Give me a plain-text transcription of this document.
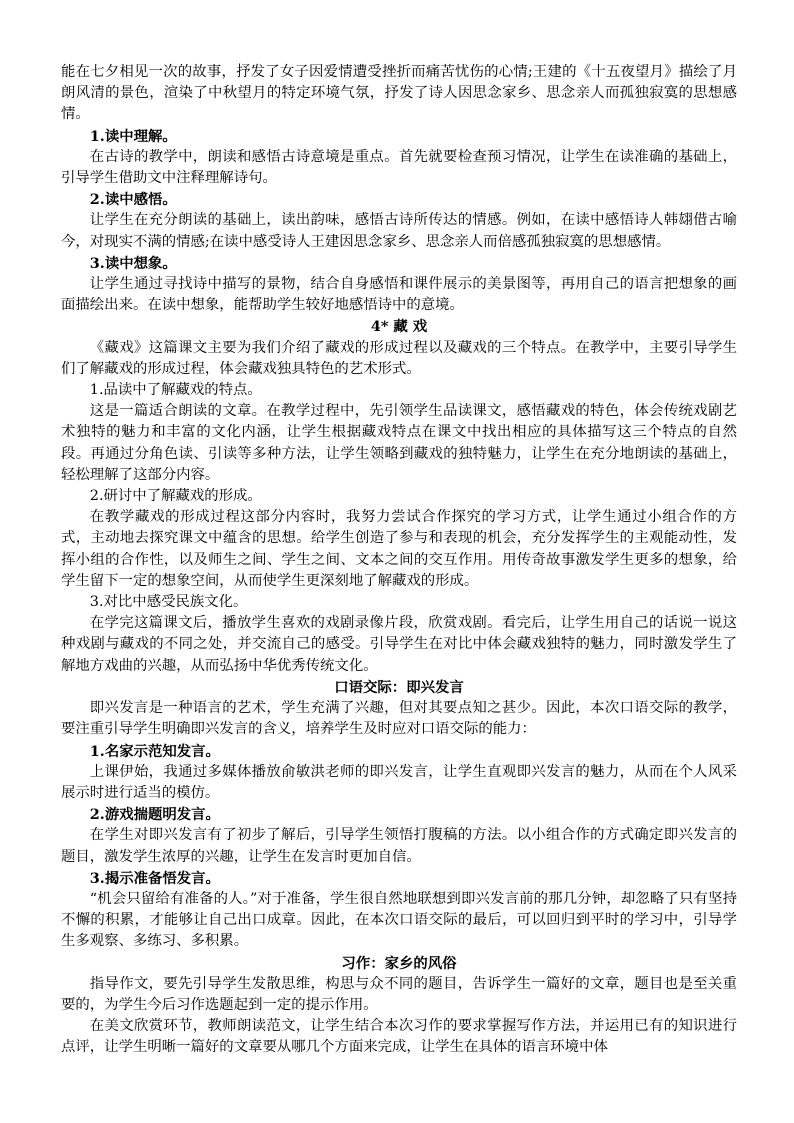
能在七夕相见一次的故事，抒发了女子因爱情遭受挫折而痛苦忧伤的心情;王建的《十五夜望月》描绘了月朗风清的景色，渲染了中秋望月的特定环境气氛，抒发了诗人因思念家乡、思念亲人而孤独寂寞的思想感情。

1.读中理解。

在古诗的教学中，朗读和感悟古诗意境是重点。首先就要检查预习情况，让学生在读准确的基础上，引导学生借助文中注释理解诗句。

2.读中感悟。

让学生在充分朗读的基础上，读出韵味，感悟古诗所传达的情感。例如，在读中感悟诗人韩翃借古喻今，对现实不满的情感;在读中感受诗人王建因思念家乡、思念亲人而倍感孤独寂寞的思想感情。

3.读中想象。

让学生通过寻找诗中描写的景物，结合自身感悟和课件展示的美景图等，再用自己的语言把想象的画面描绘出来。在读中想象，能帮助学生较好地感悟诗中的意境。

4* 藏 戏

《藏戏》这篇课文主要为我们介绍了藏戏的形成过程以及藏戏的三个特点。在教学中，主要引导学生们了解藏戏的形成过程，体会藏戏独具特色的艺术形式。

1.品读中了解藏戏的特点。

这是一篇适合朗读的文章。在教学过程中，先引领学生品读课文，感悟藏戏的特色，体会传统戏剧艺术独特的魅力和丰富的文化内涵，让学生根据藏戏特点在课文中找出相应的具体描写这三个特点的自然段。再通过分角色读、引读等多种方法，让学生领略到藏戏的独特魅力，让学生在充分地朗读的基础上，轻松理解了这部分内容。

2.研讨中了解藏戏的形成。

在教学藏戏的形成过程这部分内容时，我努力尝试合作探究的学习方式，让学生通过小组合作的方式，主动地去探究课文中蕴含的思想。给学生创造了参与和表现的机会，充分发挥学生的主观能动性，发挥小组的合作性，以及师生之间、学生之间、文本之间的交互作用。用传奇故事激发学生更多的想象，给学生留下一定的想象空间，从而使学生更深刻地了解藏戏的形成。

3.对比中感受民族文化。

在学完这篇课文后，播放学生喜欢的戏剧录像片段，欣赏戏剧。看完后，让学生用自己的话说一说这种戏剧与藏戏的不同之处，并交流自己的感受。引导学生在对比中体会藏戏独特的魅力，同时激发学生了解地方戏曲的兴趣，从而弘扬中华优秀传统文化。

口语交际：即兴发言

即兴发言是一种语言的艺术，学生充满了兴趣，但对其要点知之甚少。因此，本次口语交际的教学，要注重引导学生明确即兴发言的含义，培养学生及时应对口语交际的能力：

1.名家示范知发言。

上课伊始，我通过多媒体播放俞敏洪老师的即兴发言，让学生直观即兴发言的魅力，从而在个人风采展示时进行适当的模仿。

2.游戏揣题明发言。

在学生对即兴发言有了初步了解后，引导学生领悟打腹稿的方法。以小组合作的方式确定即兴发言的题目，激发学生浓厚的兴趣，让学生在发言时更加自信。

3.揭示准备悟发言。

“机会只留给有准备的人。”对于准备，学生很自然地联想到即兴发言前的那几分钟，却忽略了只有坚持不懈的积累，才能够让自己出口成章。因此，在本次口语交际的最后，可以回归到平时的学习中，引导学生多观察、多练习、多积累。

习作：家乡的风俗

指导作文，要先引导学生发散思维，构思与众不同的题目，告诉学生一篇好的文章，题目也是至关重要的，为学生今后习作选题起到一定的提示作用。

在美文欣赏环节，教师朗读范文，让学生结合本次习作的要求掌握写作方法，并运用已有的知识进行点评，让学生明晰一篇好的文章要从哪几个方面来完成，让学生在具体的语言环境中体
